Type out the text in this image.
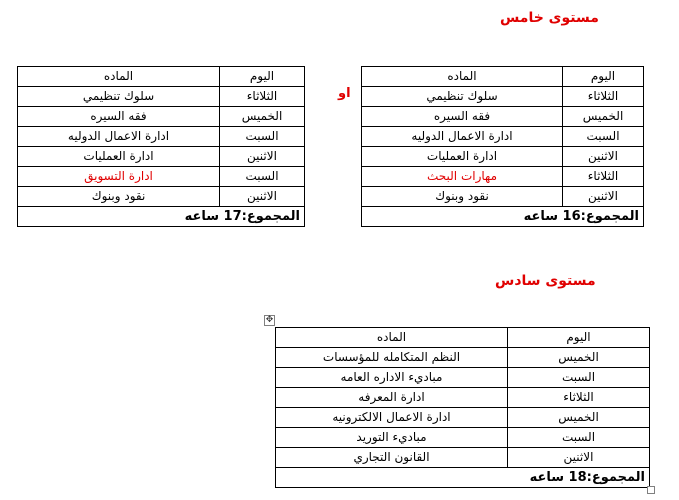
مستوى خامس
اليوم	الماده
الثلاثاء	سلوك تنظيمي
الخميس	فقه السيره
السبت	ادارة الاعمال الدوليه
الاثنين	ادارة العمليات
الثلاثاء	مهارات البحث
الاثنين	نقود وبنوك
المجموع:16 ساعه	
او
اليوم	الماده
الثلاثاء	سلوك تنظيمي
الخميس	فقه السيره
السبت	ادارة الاعمال الدوليه
الاثنين	ادارة العمليات
السبت	ادارة التسويق
الاثنين	نقود وبنوك
المجموع:17 ساعه	
مستوى سادس
✥
اليوم	الماده
الخميس	النظم المتكامله للمؤسسات
السبت	مباديء الاداره العامه
الثلاثاء	ادارة المعرفه
الخميس	ادارة الاعمال الالكترونيه
السبت	مباديء التوريد
الاثنين	القانون التجاري
المجموع:18 ساعه	
